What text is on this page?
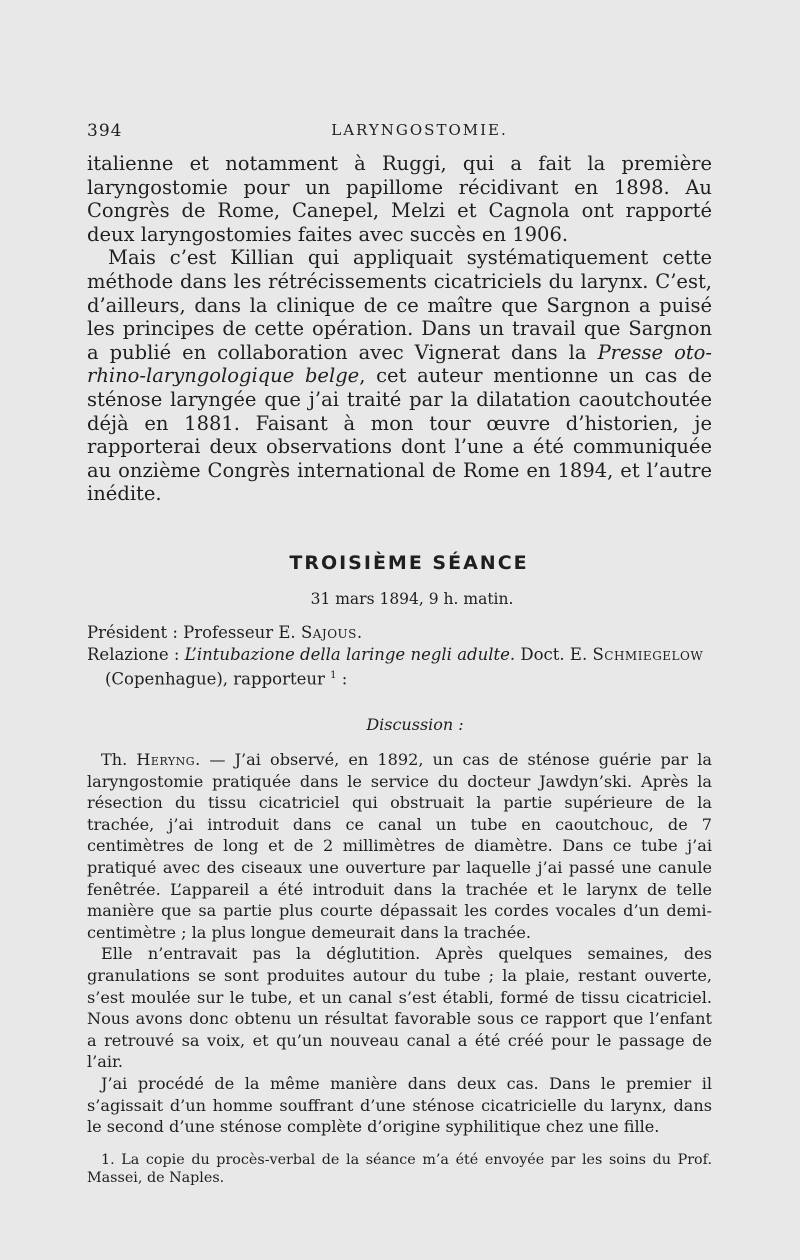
394	LARYNGOSTOMIE.

italienne et notamment à Ruggi, qui a fait la première laryngostomie pour un papillome récidivant en 1898. Au Congrès de Rome, Canepel, Melzi et Cagnola ont rapporté deux laryngostomies faites avec succès en 1906.

Mais c’est Killian qui appliquait systématiquement cette méthode dans les rétrécissements cicatriciels du larynx. C’est, d’ailleurs, dans la clinique de ce maître que Sargnon a puisé les principes de cette opération. Dans un travail que Sargnon a publié en collaboration avec Vignerat dans la Presse oto-rhino-laryngologique belge, cet auteur mentionne un cas de sténose laryngée que j’ai traité par la dilatation caoutchoutée déjà en 1881. Faisant à mon tour œuvre d’historien, je rapporterai deux observations dont l’une a été communiquée au onzième Congrès international de Rome en 1894, et l’autre inédite.

TROISIÈME SÉANCE
31 mars 1894, 9 h. matin.

Président : Professeur E. Sajous.

Relazione : L’intubazione della laringe negli adulte. Doct. E. Schmiegelow

(Copenhague), rapporteur $^1$ :

Discussion :

Th. Heryng. — J’ai observé, en 1892, un cas de sténose guérie par la laryngostomie pratiquée dans le service du docteur Jawdyn’ski. Après la résection du tissu cicatriciel qui obstruait la partie supérieure de la trachée, j’ai introduit dans ce canal un tube en caoutchouc, de 7 centimètres de long et de 2 millimètres de diamètre. Dans ce tube j’ai pratiqué avec des ciseaux une ouverture par laquelle j’ai passé une canule fenêtrée. L’appareil a été introduit dans la trachée et le larynx de telle manière que sa partie plus courte dépassait les cordes vocales d’un demi-centimètre ; la plus longue demeurait dans la trachée.

Elle n’entravait pas la déglutition. Après quelques semaines, des granulations se sont produites autour du tube ; la plaie, restant ouverte, s’est moulée sur le tube, et un canal s’est établi, formé de tissu cicatriciel. Nous avons donc obtenu un résultat favorable sous ce rapport que l’enfant a retrouvé sa voix, et qu’un nouveau canal a été créé pour le passage de l’air.

J’ai procédé de la même manière dans deux cas. Dans le premier il s’agissait d’un homme souffrant d’une sténose cicatricielle du larynx, dans le second d’une sténose complète d’origine syphilitique chez une fille.

1. La copie du procès-verbal de la séance m’a été envoyée par les soins du Prof. Massei, de Naples.
